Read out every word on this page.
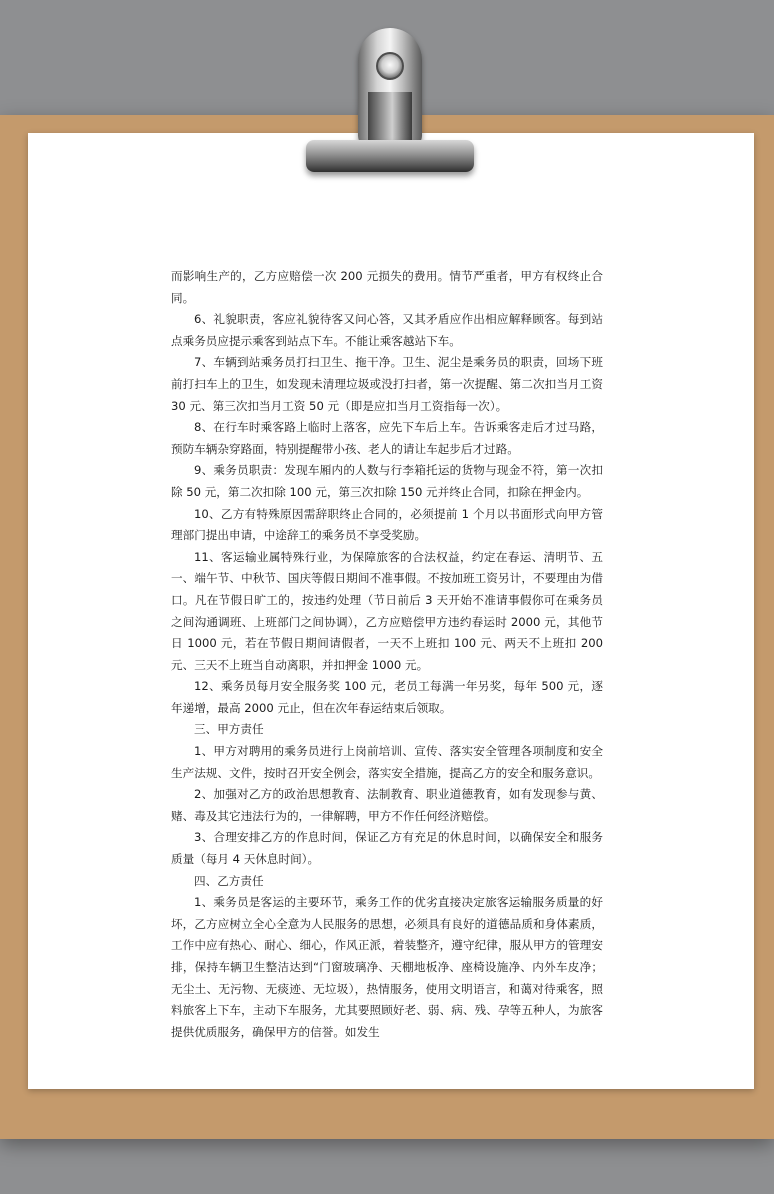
而影响生产的，乙方应赔偿一次 200 元损失的费用。情节严重者，甲方有权终止合同。

6、礼貌职责，客应礼貌待客又问心答，又其矛盾应作出相应解释顾客。每到站点乘务员应提示乘客到站点下车。不能让乘客越站下车。

7、车辆到站乘务员打扫卫生、拖干净。卫生、泥尘是乘务员的职责，回场下班前打扫车上的卫生，如发现未清理垃圾或没打扫者，第一次提醒、第二次扣当月工资 30 元、第三次扣当月工资 50 元（即是应扣当月工资指每一次）。

8、在行车时乘客路上临时上落客，应先下车后上车。告诉乘客走后才过马路，预防车辆杂穿路面，特别提醒带小孩、老人的请让车起步后才过路。

9、乘务员职责：发现车厢内的人数与行李箱托运的货物与现金不符，第一次扣除 50 元，第二次扣除 100 元，第三次扣除 150 元并终止合同，扣除在押金内。

10、乙方有特殊原因需辞职终止合同的，必须提前 1 个月以书面形式向甲方管理部门提出申请，中途辞工的乘务员不享受奖励。

11、客运输业属特殊行业，为保障旅客的合法权益，约定在春运、清明节、五一、端午节、中秋节、国庆等假日期间不准事假。不按加班工资另计，不要理由为借口。凡在节假日旷工的，按违约处理（节日前后 3 天开始不准请事假你可在乘务员之间沟通调班、上班部门之间协调），乙方应赔偿甲方违约春运时 2000 元，其他节日 1000 元，若在节假日期间请假者，一天不上班扣 100 元、两天不上班扣 200 元、三天不上班当自动离职，并扣押金 1000 元。

12、乘务员每月安全服务奖 100 元，老员工每满一年另奖，每年 500 元，逐年递增，最高 2000 元止，但在次年春运结束后领取。

三、甲方责任

1、甲方对聘用的乘务员进行上岗前培训、宣传、落实安全管理各项制度和安全生产法规、文件，按时召开安全例会，落实安全措施，提高乙方的安全和服务意识。

2、加强对乙方的政治思想教育、法制教育、职业道德教育，如有发现参与黄、赌、毒及其它违法行为的，一律解聘，甲方不作任何经济赔偿。

3、合理安排乙方的作息时间，保证乙方有充足的休息时间，以确保安全和服务质量（每月 4 天休息时间）。

四、乙方责任

1、乘务员是客运的主要环节，乘务工作的优劣直接决定旅客运输服务质量的好坏，乙方应树立全心全意为人民服务的思想，必须具有良好的道德品质和身体素质，工作中应有热心、耐心、细心，作风正派，着装整齐，遵守纪律，服从甲方的管理安排，保持车辆卫生整洁达到“门窗玻璃净、天棚地板净、座椅设施净、内外车皮净；无尘土、无污物、无痰迹、无垃圾），热情服务，使用文明语言，和蔼对待乘客，照料旅客上下车，主动下车服务，尤其要照顾好老、弱、病、残、孕等五种人，为旅客提供优质服务，确保甲方的信誉。如发生
